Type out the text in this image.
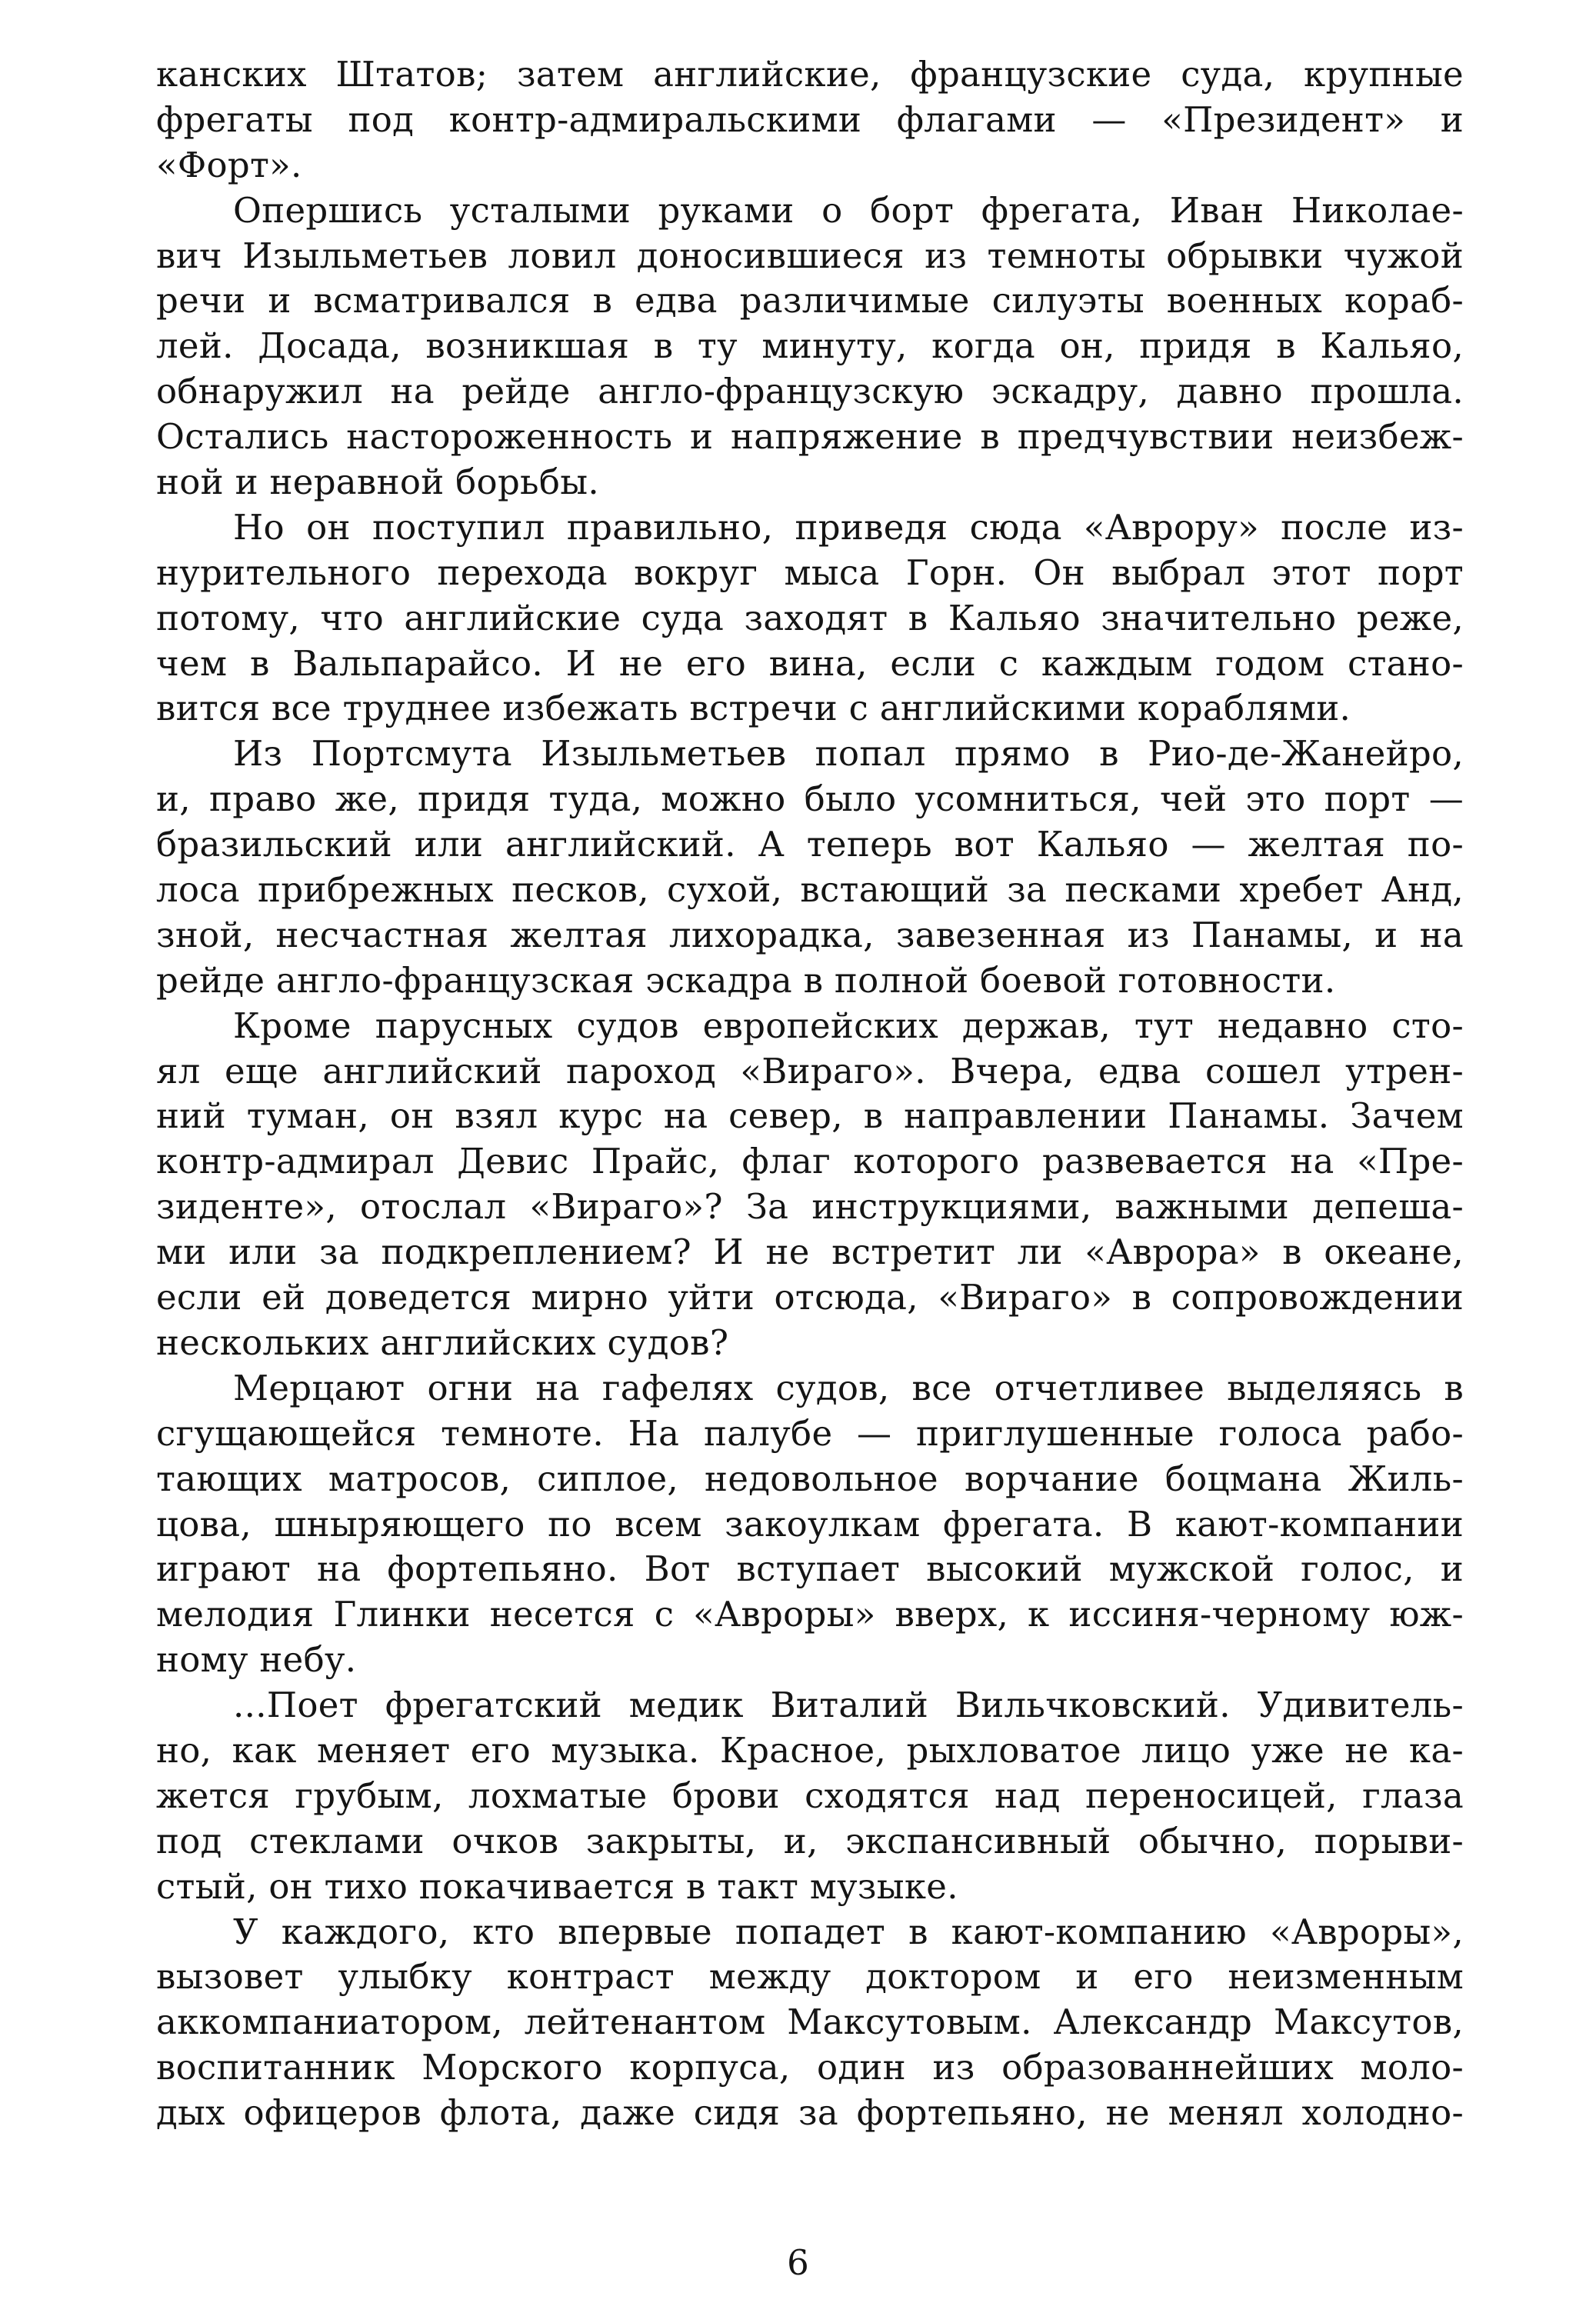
канских Штатов; затем английские, французские суда, крупные
фрегаты под контр-адмиральскими флагами — «Президент» и
«Форт».
Опершись усталыми руками о борт фрегата, Иван Николае-
вич Изыльметьев ловил доносившиеся из темноты обрывки чужой
речи и всматривался в едва различимые силуэты военных кораб-
лей. Досада, возникшая в ту минуту, когда он, придя в Кальяо,
обнаружил на рейде англо-французскую эскадру, давно прошла.
Остались настороженность и напряжение в предчувствии неизбеж-
ной и неравной борьбы.
Но он поступил правильно, приведя сюда «Аврору» после из-
нурительного перехода вокруг мыса Горн. Он выбрал этот порт
потому, что английские суда заходят в Кальяо значительно реже,
чем в Вальпарайсо. И не его вина, если с каждым годом стано-
вится все труднее избежать встречи с английскими кораблями.
Из Портсмута Изыльметьев попал прямо в Рио-де-Жанейро,
и, право же, придя туда, можно было усомниться, чей это порт —
бразильский или английский. А теперь вот Кальяо — желтая по-
лоса прибрежных песков, сухой, встающий за песками хребет Анд,
зной, несчастная желтая лихорадка, завезенная из Панамы, и на
рейде англо-французская эскадра в полной боевой готовности.
Кроме парусных судов европейских держав, тут недавно сто-
ял еще английский пароход «Вираго». Вчера, едва сошел утрен-
ний туман, он взял курс на север, в направлении Панамы. Зачем
контр-адмирал Девис Прайс, флаг которого развевается на «Пре-
зиденте», отослал «Вираго»? За инструкциями, важными депеша-
ми или за подкреплением? И не встретит ли «Аврора» в океане,
если ей доведется мирно уйти отсюда, «Вираго» в сопровождении
нескольких английских судов?
Мерцают огни на гафелях судов, все отчетливее выделяясь в
сгущающейся темноте. На палубе — приглушенные голоса рабо-
тающих матросов, сиплое, недовольное ворчание боцмана Жиль-
цова, шныряющего по всем закоулкам фрегата. В кают-компании
играют на фортепьяно. Вот вступает высокий мужской голос, и
мелодия Глинки несется с «Авроры» вверх, к иссиня-черному юж-
ному небу.
...Поет фрегатский медик Виталий Вильчковский. Удивитель-
но, как меняет его музыка. Красное, рыхловатое лицо уже не ка-
жется грубым, лохматые брови сходятся над переносицей, глаза
под стеклами очков закрыты, и, экспансивный обычно, порыви-
стый, он тихо покачивается в такт музыке.
У каждого, кто впервые попадет в кают-компанию «Авроры»,
вызовет улыбку контраст между доктором и его неизменным
аккомпаниатором, лейтенантом Максутовым. Александр Максутов,
воспитанник Морского корпуса, один из образованнейших моло-
дых офицеров флота, даже сидя за фортепьяно, не менял холодно-
6
